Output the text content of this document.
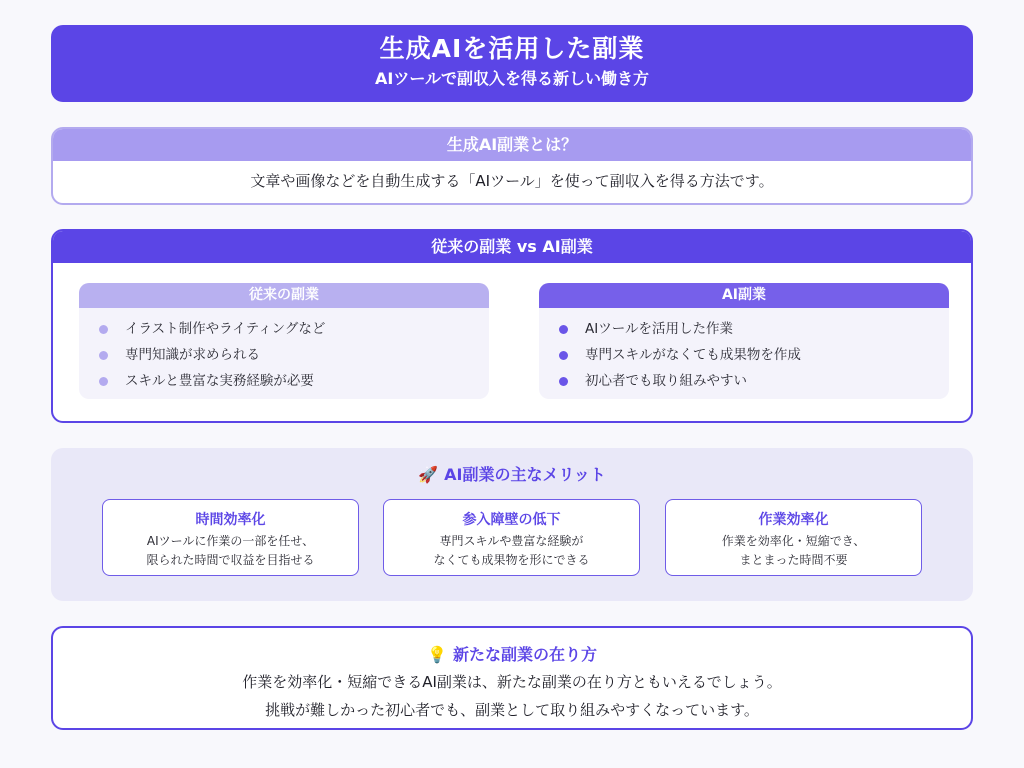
生成AIを活用した副業
AIツールで副収入を得る新しい働き方
生成AI副業とは？
文章や画像などを自動生成する「AIツール」を使って副収入を得る方法です。
従来の副業 vs AI副業
従来の副業
イラスト制作やライティングなど
専門知識が求められる
スキルと豊富な実務経験が必要
AI副業
AIツールを活用した作業
専門スキルがなくても成果物を作成
初心者でも取り組みやすい
🚀 AI副業の主なメリット
時間効率化
AIツールに作業の一部を任せ、
限られた時間で収益を目指せる
参入障壁の低下
専門スキルや豊富な経験が
なくても成果物を形にできる
作業効率化
作業を効率化・短縮でき、
まとまった時間不要
💡 新たな副業の在り方
作業を効率化・短縮できるAI副業は、新たな副業の在り方ともいえるでしょう。
挑戦が難しかった初心者でも、副業として取り組みやすくなっています。
